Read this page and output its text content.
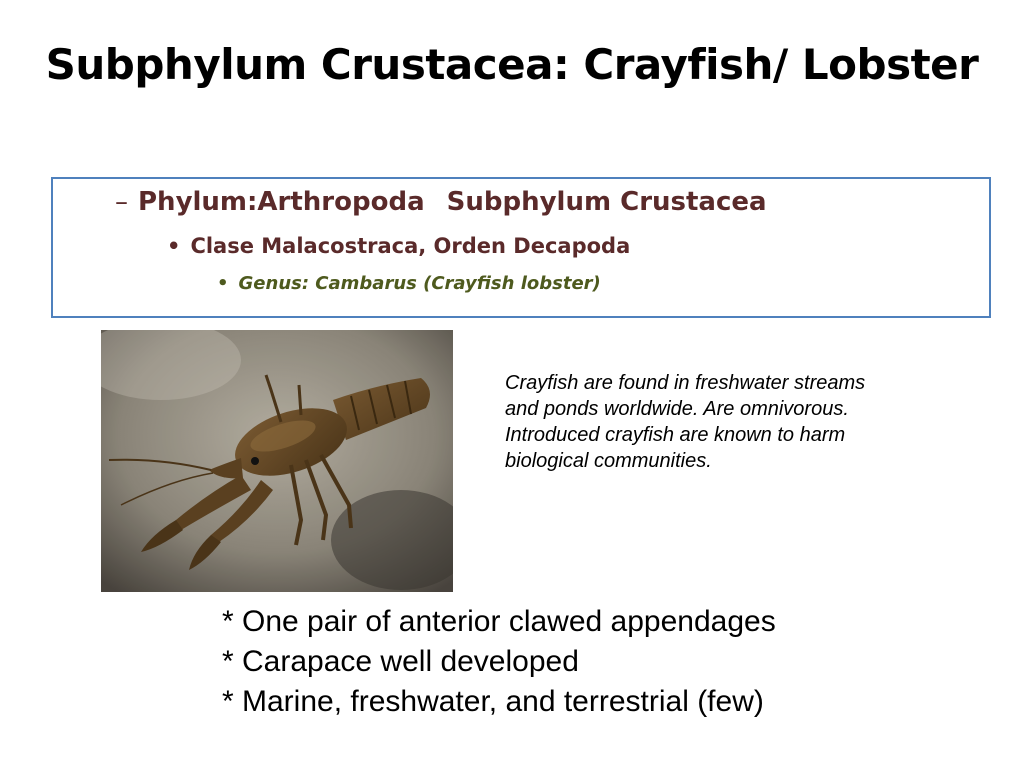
Subphylum Crustacea: Crayfish/ Lobster
– Phylum:Arthropoda Subphylum Crustacea
• Clase Malacostraca, Orden Decapoda
• Genus: Cambarus (Crayfish lobster)
Crayfish are found in freshwater streams
and ponds worldwide. Are omnivorous.
Introduced crayfish are known to harm
biological communities.
* One pair of anterior clawed appendages
* Carapace well developed
* Marine, freshwater, and terrestrial (few)
